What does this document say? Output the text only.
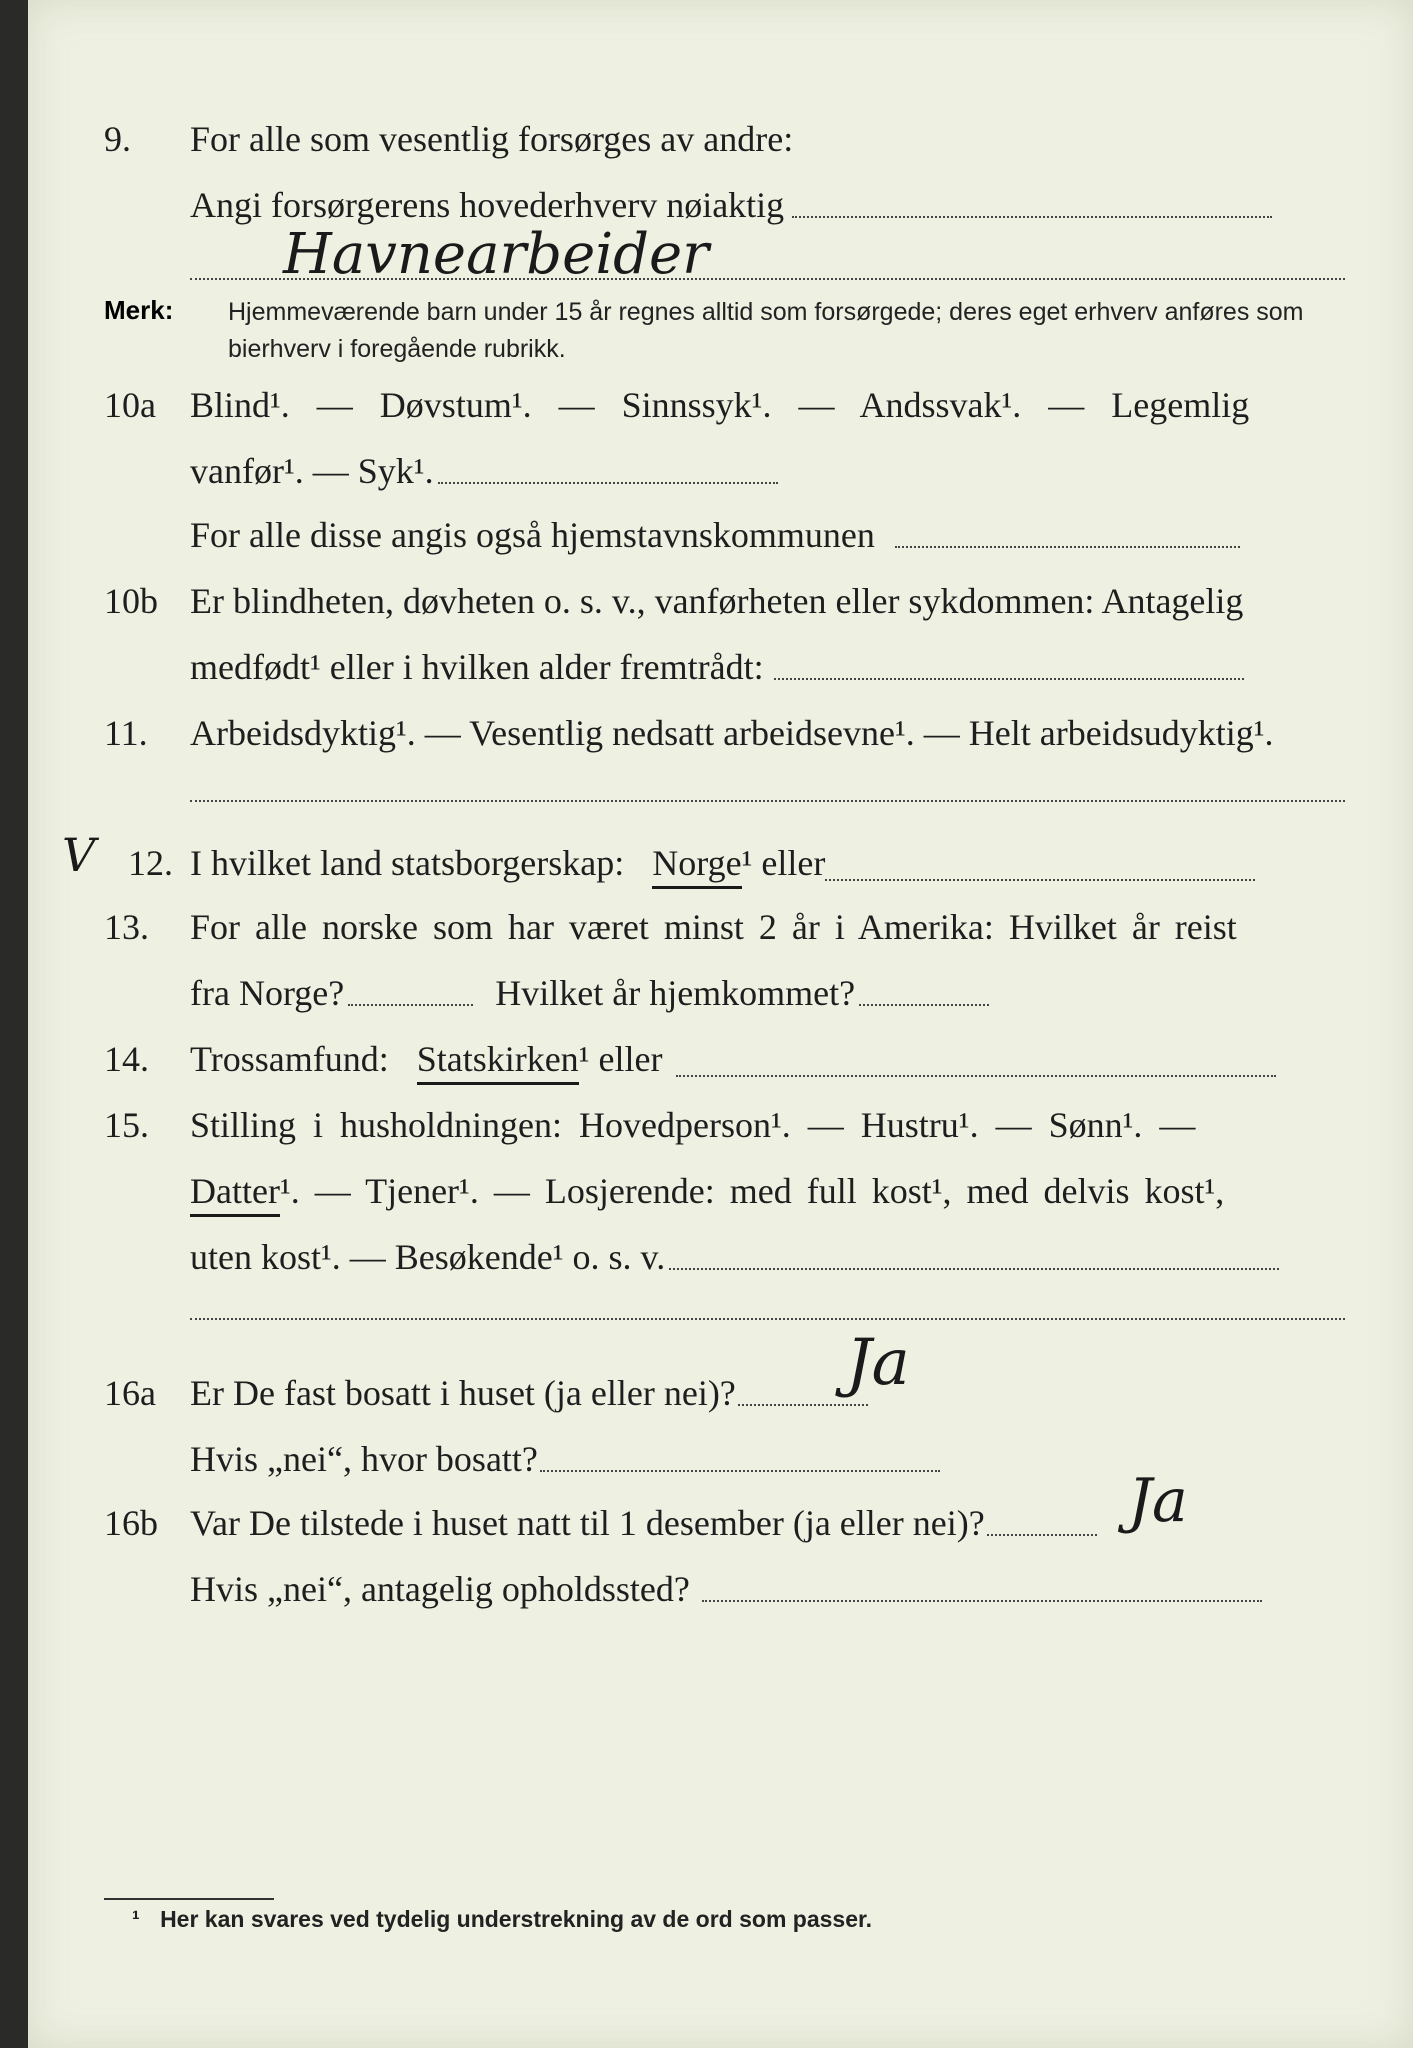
9. For alle som vesentlig forsørges av andre:
Angi forsørgerens hovederhverv nøiaktig
Havnearbeider
Merk: Hjemmeværende barn under 15 år regnes alltid som forsørgede; deres eget erhverv anføres som bierhverv i foregående rubrikk.
10a Blind¹. — Døvstum¹. — Sinnssyk¹. — Andssvak¹. — Legemlig
vanfør¹. — Syk¹.
For alle disse angis også hjemstavnskommunen
10b Er blindheten, døvheten o. s. v., vanførheten eller sykdommen: Antagelig
medfødt¹ eller i hvilken alder fremtrådt:
11. Arbeidsdyktig¹. — Vesentlig nedsatt arbeidsevne¹. — Helt arbeidsudyktig¹.
V 12. I hvilket land statsborgerskap: Norge ¹ eller
13. For alle norske som har været minst 2 år i Amerika: Hvilket år reist
fra Norge?	Hvilket år hjemkommet?
14. Trossamfund: Statskirken ¹ eller
15. Stilling i husholdningen: Hovedperson¹. — Hustru¹. — Sønn¹. —
Datter ¹. — Tjener¹. — Losjerende: med full kost¹, med delvis kost¹,
uten kost¹. — Besøkende¹ o. s. v.
16a Er De fast bosatt i huset (ja eller nei)? Ja
Hvis „nei“, hvor bosatt?
16b Var De tilstede i huset natt til 1 desember (ja eller nei)? Ja
Hvis „nei“, antagelig opholdssted?
¹ Her kan svares ved tydelig understrekning av de ord som passer.
